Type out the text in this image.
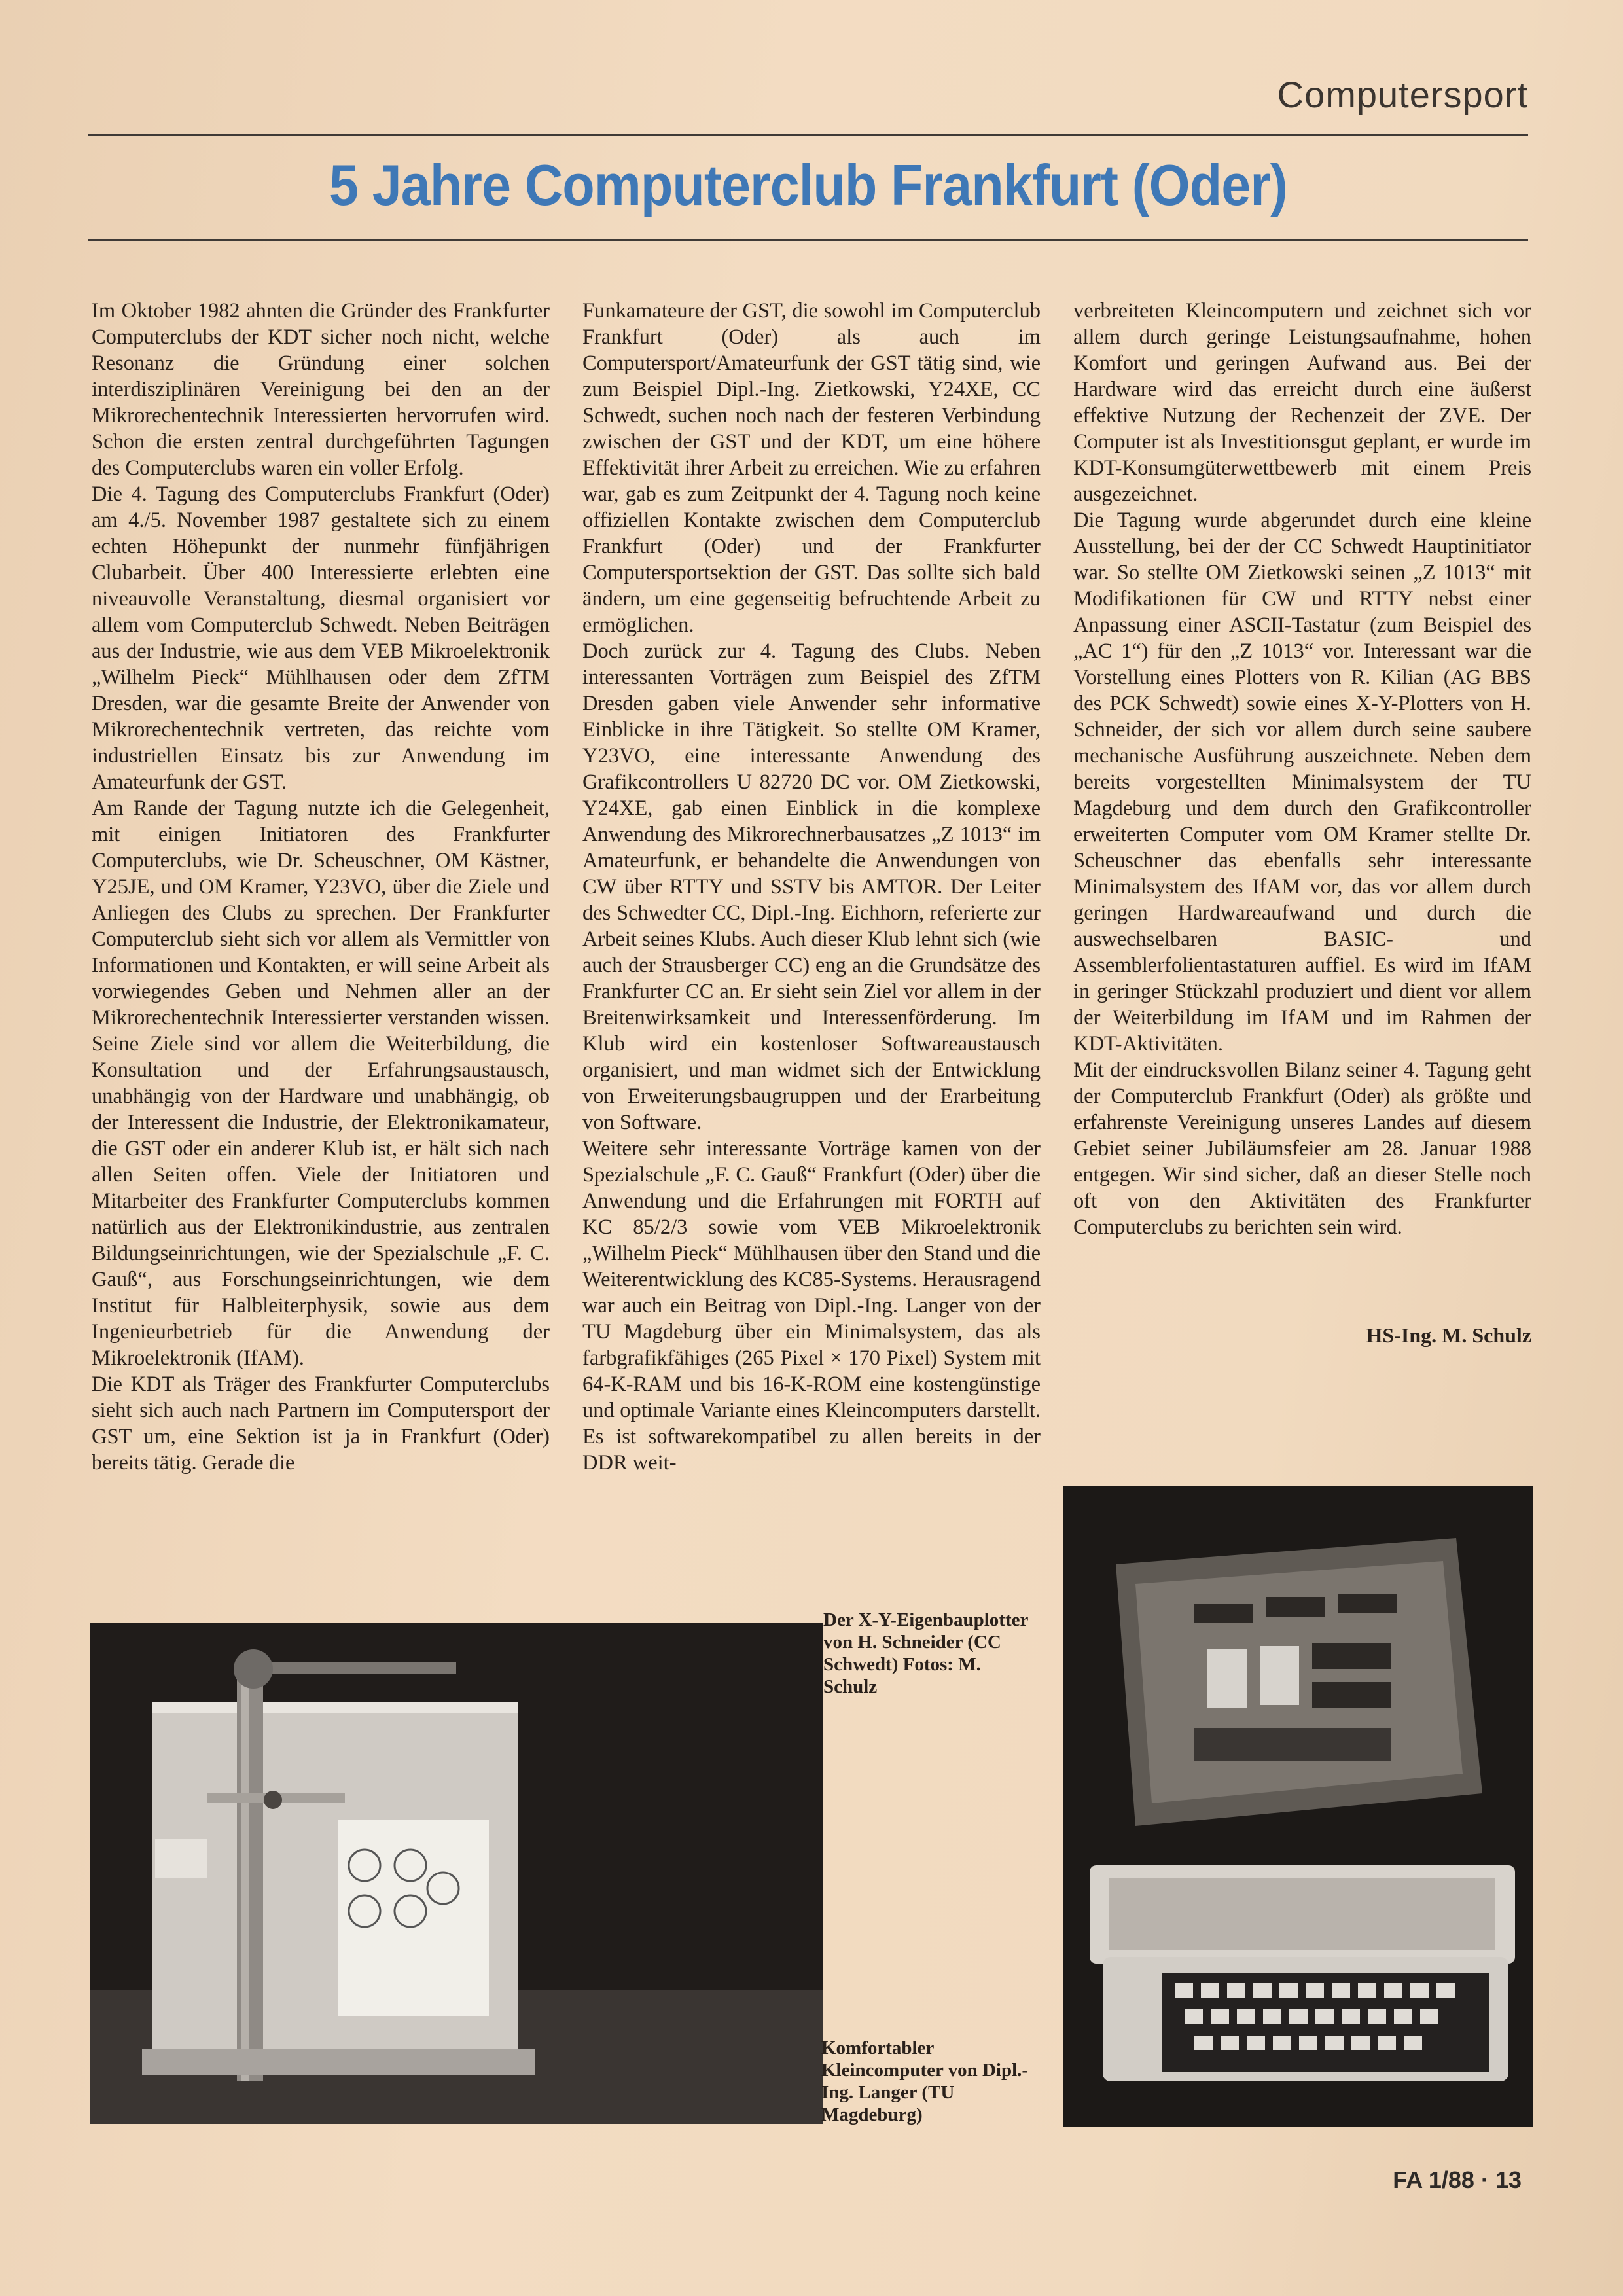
Computersport
5 Jahre Computerclub Frankfurt (Oder)

Im Oktober 1982 ahnten die Gründer des Frankfurter Computerclubs der KDT sicher noch nicht, welche Resonanz die Gründung einer solchen interdisziplinären Vereinigung bei den an der Mikrorechentechnik Interessierten hervorrufen wird. Schon die ersten zentral durchgeführten Tagungen des Computerclubs waren ein voller Erfolg.

Die 4. Tagung des Computerclubs Frankfurt (Oder) am 4./5. November 1987 gestaltete sich zu einem echten Höhepunkt der nunmehr fünfjährigen Clubarbeit. Über 400 Interessierte erlebten eine niveauvolle Veranstaltung, diesmal organisiert vor allem vom Computerclub Schwedt. Neben Beiträgen aus der Industrie, wie aus dem VEB Mikroelektronik „Wilhelm Pieck“ Mühlhausen oder dem ZfTM Dresden, war die gesamte Breite der Anwender von Mikrorechentechnik vertreten, das reichte vom industriellen Einsatz bis zur Anwendung im Amateurfunk der GST.

Am Rande der Tagung nutzte ich die Gelegenheit, mit einigen Initiatoren des Frankfurter Computerclubs, wie Dr. Scheuschner, OM Kästner, Y25JE, und OM Kramer, Y23VO, über die Ziele und Anliegen des Clubs zu sprechen. Der Frankfurter Computerclub sieht sich vor allem als Vermittler von Informationen und Kontakten, er will seine Arbeit als vorwiegendes Geben und Nehmen aller an der Mikrorechentechnik Interessierter verstanden wissen. Seine Ziele sind vor allem die Weiterbildung, die Konsultation und der Erfahrungsaustausch, unabhängig von der Hardware und unabhängig, ob der Interessent die Industrie, der Elektronikamateur, die GST oder ein anderer Klub ist, er hält sich nach allen Seiten offen. Viele der Initiatoren und Mitarbeiter des Frankfurter Computerclubs kommen natürlich aus der Elektronikindustrie, aus zentralen Bildungseinrichtungen, wie der Spezialschule „F. C. Gauß“, aus Forschungseinrichtungen, wie dem Institut für Halbleiterphysik, sowie aus dem Ingenieurbetrieb für die Anwendung der Mikroelektronik (IfAM).

Die KDT als Träger des Frankfurter Computerclubs sieht sich auch nach Partnern im Computersport der GST um, eine Sektion ist ja in Frankfurt (Oder) bereits tätig. Gerade die

Funkamateure der GST, die sowohl im Computerclub Frankfurt (Oder) als auch im Computersport/Amateurfunk der GST tätig sind, wie zum Beispiel Dipl.-Ing. Zietkowski, Y24XE, CC Schwedt, suchen noch nach der festeren Verbindung zwischen der GST und der KDT, um eine höhere Effektivität ihrer Arbeit zu erreichen. Wie zu erfahren war, gab es zum Zeitpunkt der 4. Tagung noch keine offiziellen Kontakte zwischen dem Computerclub Frankfurt (Oder) und der Frankfurter Computersportsektion der GST. Das sollte sich bald ändern, um eine gegenseitig befruchtende Arbeit zu ermöglichen.

Doch zurück zur 4. Tagung des Clubs. Neben interessanten Vorträgen zum Beispiel des ZfTM Dresden gaben viele Anwender sehr informative Einblicke in ihre Tätigkeit. So stellte OM Kramer, Y23VO, eine interessante Anwendung des Grafikcontrollers U 82720 DC vor. OM Zietkowski, Y24XE, gab einen Einblick in die komplexe Anwendung des Mikrorechnerbausatzes „Z 1013“ im Amateurfunk, er behandelte die Anwendungen von CW über RTTY und SSTV bis AMTOR. Der Leiter des Schwedter CC, Dipl.-Ing. Eichhorn, referierte zur Arbeit seines Klubs. Auch dieser Klub lehnt sich (wie auch der Strausberger CC) eng an die Grundsätze des Frankfurter CC an. Er sieht sein Ziel vor allem in der Breitenwirksamkeit und Interessenförderung. Im Klub wird ein kostenloser Softwareaustausch organisiert, und man widmet sich der Entwicklung von Erweiterungsbaugruppen und der Erarbeitung von Software.

Weitere sehr interessante Vorträge kamen von der Spezialschule „F. C. Gauß“ Frankfurt (Oder) über die Anwendung und die Erfahrungen mit FORTH auf KC 85/2/3 sowie vom VEB Mikroelektronik „Wilhelm Pieck“ Mühlhausen über den Stand und die Weiterentwicklung des KC85-Systems. Herausragend war auch ein Beitrag von Dipl.-Ing. Langer von der TU Magdeburg über ein Minimalsystem, das als farbgrafikfähiges (265 Pixel × 170 Pixel) System mit 64-K-RAM und bis 16-K-ROM eine kostengünstige und optimale Variante eines Kleincomputers darstellt. Es ist softwarekompatibel zu allen bereits in der DDR weit-

verbreiteten Kleincomputern und zeichnet sich vor allem durch geringe Leistungsaufnahme, hohen Komfort und geringen Aufwand aus. Bei der Hardware wird das erreicht durch eine äußerst effektive Nutzung der Rechenzeit der ZVE. Der Computer ist als Investitionsgut geplant, er wurde im KDT-Konsumgüterwettbewerb mit einem Preis ausgezeichnet.

Die Tagung wurde abgerundet durch eine kleine Ausstellung, bei der der CC Schwedt Hauptinitiator war. So stellte OM Zietkowski seinen „Z 1013“ mit Modifikationen für CW und RTTY nebst einer Anpassung einer ASCII-Tastatur (zum Beispiel des „AC 1“) für den „Z 1013“ vor. Interessant war die Vorstellung eines Plotters von R. Kilian (AG BBS des PCK Schwedt) sowie eines X-Y-Plotters von H. Schneider, der sich vor allem durch seine saubere mechanische Ausführung auszeichnete. Neben dem bereits vorgestellten Minimalsystem der TU Magdeburg und dem durch den Grafikcontroller erweiterten Computer vom OM Kramer stellte Dr. Scheuschner das ebenfalls sehr interessante Minimalsystem des IfAM vor, das vor allem durch geringen Hardwareaufwand und durch die auswechselbaren BASIC- und Assemblerfolientastaturen auffiel. Es wird im IfAM in geringer Stückzahl produziert und dient vor allem der Weiterbildung im IfAM und im Rahmen der KDT-Aktivitäten.

Mit der eindrucksvollen Bilanz seiner 4. Tagung geht der Computerclub Frankfurt (Oder) als größte und erfahrenste Vereinigung unseres Landes auf diesem Gebiet seiner Jubiläumsfeier am 28. Januar 1988 entgegen. Wir sind sicher, daß an dieser Stelle noch oft von den Aktivitäten des Frankfurter Computerclubs zu berichten sein wird.

HS-Ing. M. Schulz
Der X-Y-Eigenbauplotter von H. Schneider (CC Schwedt) Fotos: M. Schulz
Komfortabler Kleincomputer von Dipl.-Ing. Langer (TU Magdeburg)
FA 1/88 · 13
